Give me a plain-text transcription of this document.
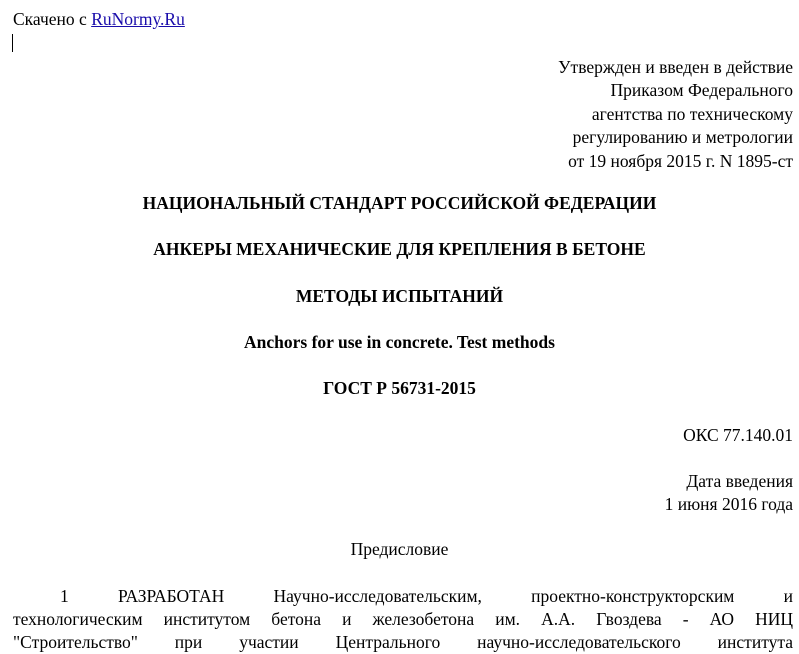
Скачено с RuNormy.Ru
Утвержден и введен в действие
Приказом Федерального
агентства по техническому
регулированию и метрологии
от 19 ноября 2015 г. N 1895-ст
НАЦИОНАЛЬНЫЙ СТАНДАРТ РОССИЙСКОЙ ФЕДЕРАЦИИ
АНКЕРЫ МЕХАНИЧЕСКИЕ ДЛЯ КРЕПЛЕНИЯ В БЕТОНЕ
МЕТОДЫ ИСПЫТАНИЙ
Anchors for use in concrete. Test methods
ГОСТ Р 56731-2015
ОКС 77.140.01
Дата введения
1 июня 2016 года
Предисловие
1 РАЗРАБОТАН Научно-исследовательским, проектно-конструкторским и
технологическим институтом бетона и железобетона им. А.А. Гвоздева - АО НИЦ
"Строительство" при участии Центрального научно-исследовательского института
